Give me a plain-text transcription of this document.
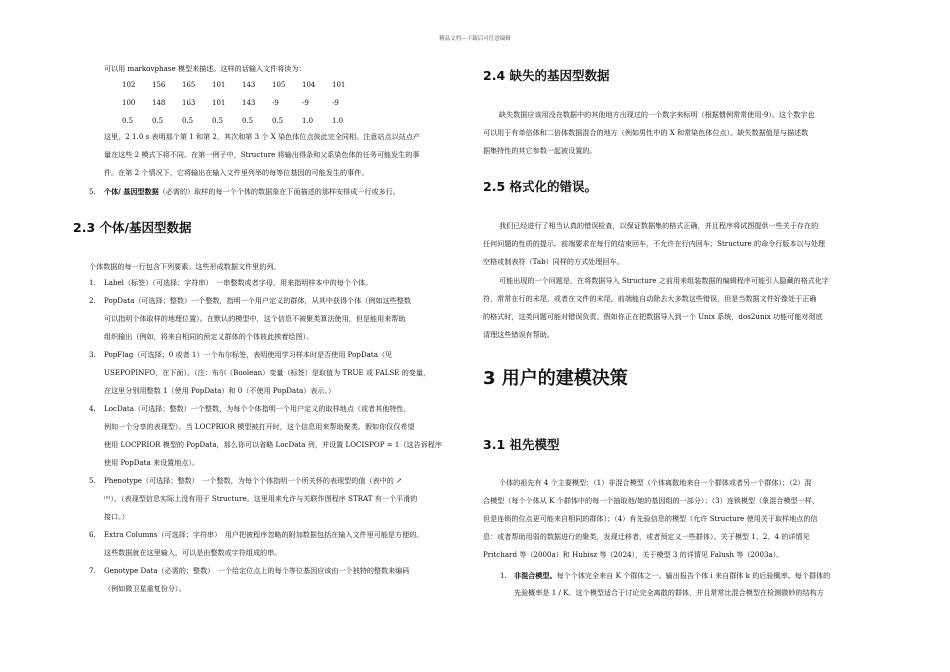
精品文档---下载后可任意编辑
可以用 markovphase 模型来描述。这样的话输入文件将读为：
102	156	165	101	143	105	104	101
100	148	163	101	143	-9	-9	-9
0.5	0.5	0.5	0.5	0.5	0.5	1.0	1.0
这里，2 1.0 s 表明那个第 1 和第 2，其次和第 3 个 X 染色体位点彼此完全同相。注意站点以站点产
量在这些 2 模式下将不同。在第一例子中，Structure 将输出得条和父系染色体的任务可能发生的事
件。在第 2 个情况下，它将输出在输入文件里列举的每等位基因的可能发生的事件。
5. 个体/ 基因型数据（必需的）取样的每一个个体的数据象在下面描述的那样安排成一行或多行。
2.3 个体/基因型数据
个体数据的每一行包含下列要素。这些形成数据文件里的列。
1. Label（标签）（可选择；字符串）　一串整数或者字母，用来指明样本中的每个个体。
2. PopData（可选择；整数）一个整数，指明一个用户定义的群体，从其中获得个体（例如这些整数
可以指明个体取样的地理位置）。在默认的模型中，这个信息不被聚类算法使用，但是能用来帮助
组织输出（例如，将来自相同的预定义群体的个体彼此挨着绘图）。
3. PopFlag（可选择；0 或者 1）一个布尔标签，表明使用学习样本时是否使用 PopData（见
USEPOPINFO，在下面）。（注：布尔（Boolean）变量（标签）是取值为 TRUE 或 FALSE 的变量，
在这里分别用整数 1（使用 PopData）和 0（不使用 PopData）表示。）
4. LocData（可选择；整数）一个整数，为每个个体指明一个用户定义的取样地点（或者其他特性，
例如一个分享的表现型）。当 LOCPRIOR 模型被打开时，这个信息用来帮助聚类。假如你仅仅希望
使用 LOCPRIOR 模型的 PopData，那么你可以省略 LocData 列，并设置 LOCISPOP = 1（这告诉程序
使用 PopData 来设置地点）。
5. Phenotype（可选择；整数）　一个整数，为每个个体指明一个所关怀的表现型的值（表中的 ↗
⁽ᵅ⁾）。（表现型信息实际上没有用于 Structure。这里用来允许与关联作图程序 STRAT 有一个平滑的
接口。）
6. Extra Columns（可选择；字符串）　用户把被程序忽略的附加数据包括在输入文件里可能是方便的。
这些数据就在这里输入，可以是由整数或字符组成的串。
7. Genotype Data（必需的；整数）　一个给定位点上的每个等位基因应该由一个独特的整数来编码
（例如微卫星重复份分）。
2.4 缺失的基因型数据
缺失数据应该用没在数据中的其他地方出现过的一个数字来标明（根据惯例常常使用-9）。这个数字也
可以用于有单倍体和二倍体数据混合的地方（例如男性中的 X 和常染色体位点）。缺失数据值是与描述数
据集特性的其它参数一起被设置的。
2.5 格式化的错误。
我们已经进行了相当认真的错误检查，以保证数据集的格式正确，并且程序将试图提供一些关于存在的
任何问题的性质的提示。前端要求在每行的结束回车，不允许在行内回车；Structure 的命令行版本以与处理
空格或制表符（Tab）同样的方式处理回车。
可能出现的一个问题是，在将数据导入 Structure 之前用来组装数据的编辑程序可能引入隐藏的格式化字
符，常常在行的末尾，或者在文件的末尾。前端能自动除去大多数这些错误，但是当数据文件好像处于正确
的格式时，这类问题可能对错误负责。假如你正在把数据导入到一个 Unix 系统，dos2unix 功能可能对彻底
清理这些错误有帮助。
3 用户的建模决策
3.1 祖先模型
个体的祖先有 4 个主要模型：（1）非混合模型（个体离散地来自一个群体或者另一个群体）；（2）混
合模型（每个个体从 K 个群体中的每一个抽取他/她的基因组的一部分）；（3）连锁模型（象混合模型一样，
但是连锁的位点更可能来自相同的群体）；（4）有先验信息的模型（允许 Structure 使用关于取样地点的信
息：或者帮助用弱的数据进行的聚类，发现迁移者，或者预定义一些群体）。关于模型 1、2、4 的详情见
Pritchard 等（2000a）和 Hubisz 等（2024），关于模型 3 的详情见 Falush 等（2003a）。
1. 非混合模型。每个个体完全来自 K 个群体之一。输出报告个体 i 来自群体 k 的后验概率。每个群体的
先验概率是 1 / K。这个模型适合于讨论完全离散的群体，并且常常比混合模型在检测微妙的结构方
